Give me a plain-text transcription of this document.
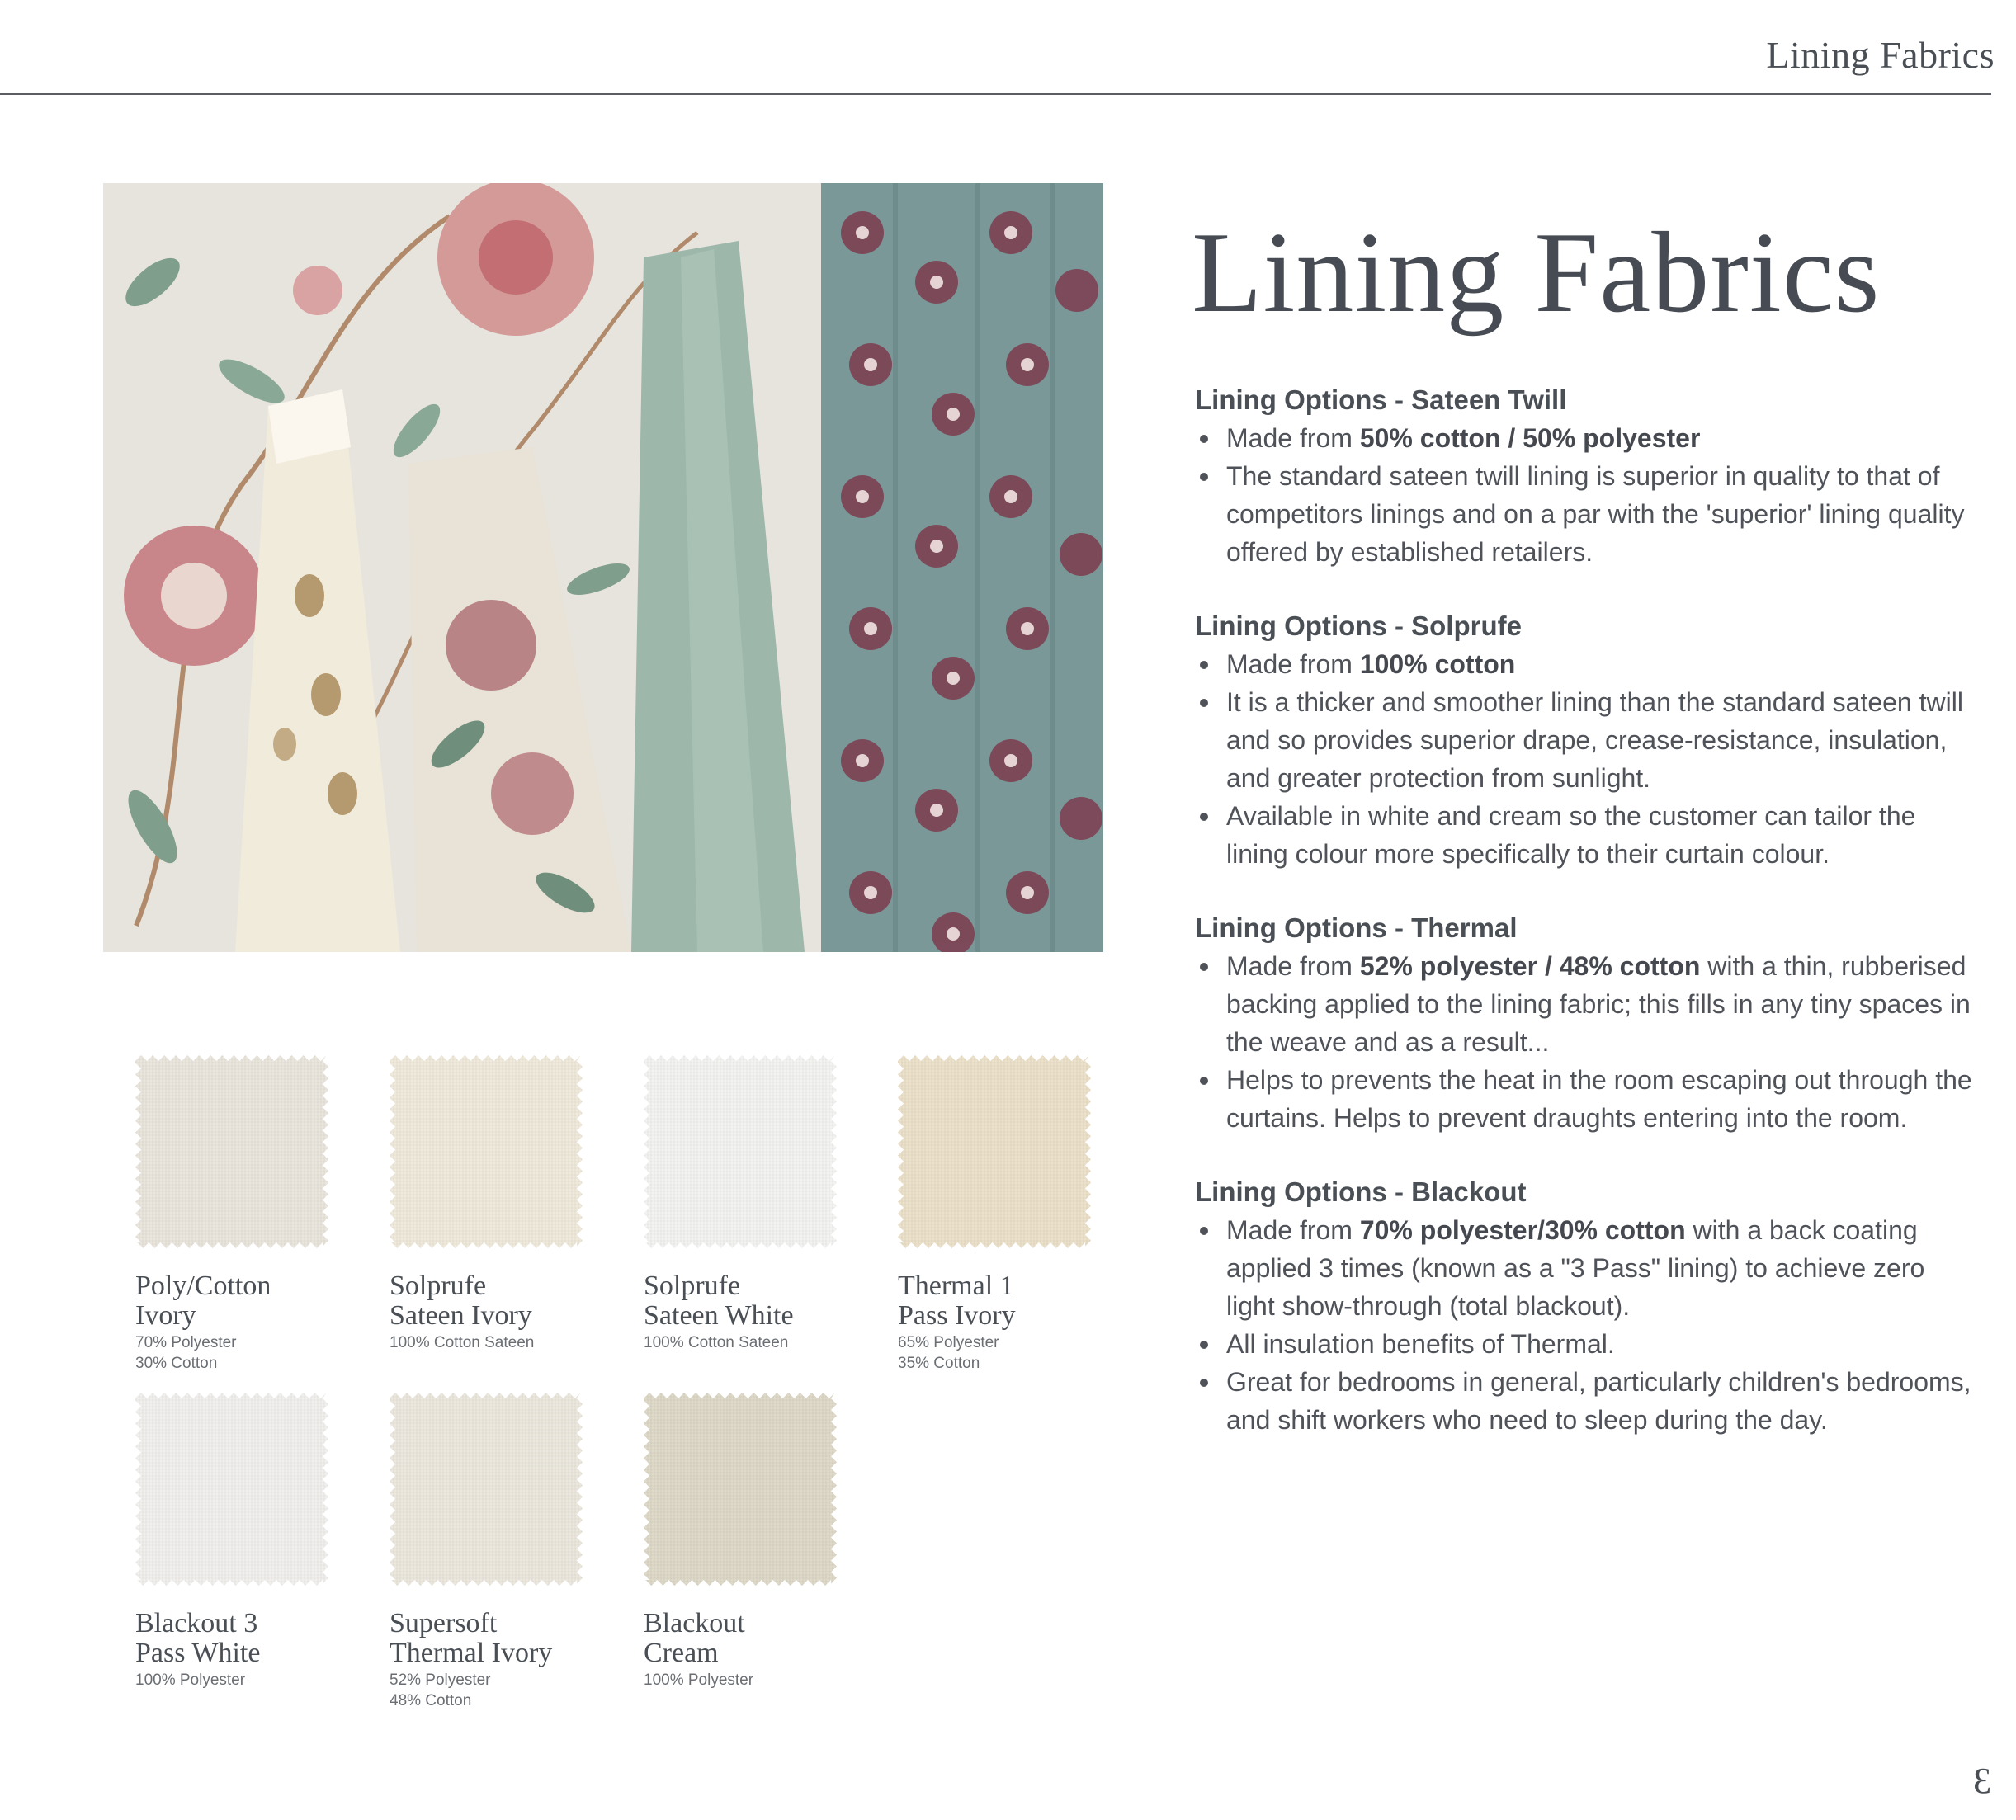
Lining Fabrics
Lining Fabrics

Lining Options - Sateen Twill

Made from 50% cotton / 50% polyester
The standard sateen twill lining is superior in quality to that of competitors linings and on a par with the 'superior' lining quality offered by established retailers.

Lining Options - Solprufe

Made from 100% cotton
It is a thicker and smoother lining than the standard sateen twill and so provides superior drape, crease-resistance, insulation, and greater protection from sunlight.
Available in white and cream so the customer can tailor the lining colour more specifically to their curtain colour.

Lining Options - Thermal

Made from 52% polyester / 48% cotton with a thin, rubberised backing applied to the lining fabric; this fills in any tiny spaces in the weave and as a result...
Helps to prevents the heat in the room escaping out through the curtains. Helps to prevent draughts entering into the room.

Lining Options - Blackout

Made from 70% polyester/30% cotton with a back coating applied 3 times (known as a "3 Pass" lining) to achieve zero light show-through (total blackout).
All insulation benefits of Thermal.
Great for bedrooms in general, particularly children's bedrooms, and shift workers who need to sleep during the day.
Poly/Cotton
Ivory
70% Polyester
30% Cotton
Solprufe
Sateen Ivory
100% Cotton Sateen
Solprufe
Sateen White
100% Cotton Sateen
Thermal 1
Pass Ivory
65% Polyester
35% Cotton
Blackout 3
Pass White
100% Polyester
Supersoft
Thermal Ivory
52% Polyester
48% Cotton
Blackout
Cream
100% Polyester
Ɛ
